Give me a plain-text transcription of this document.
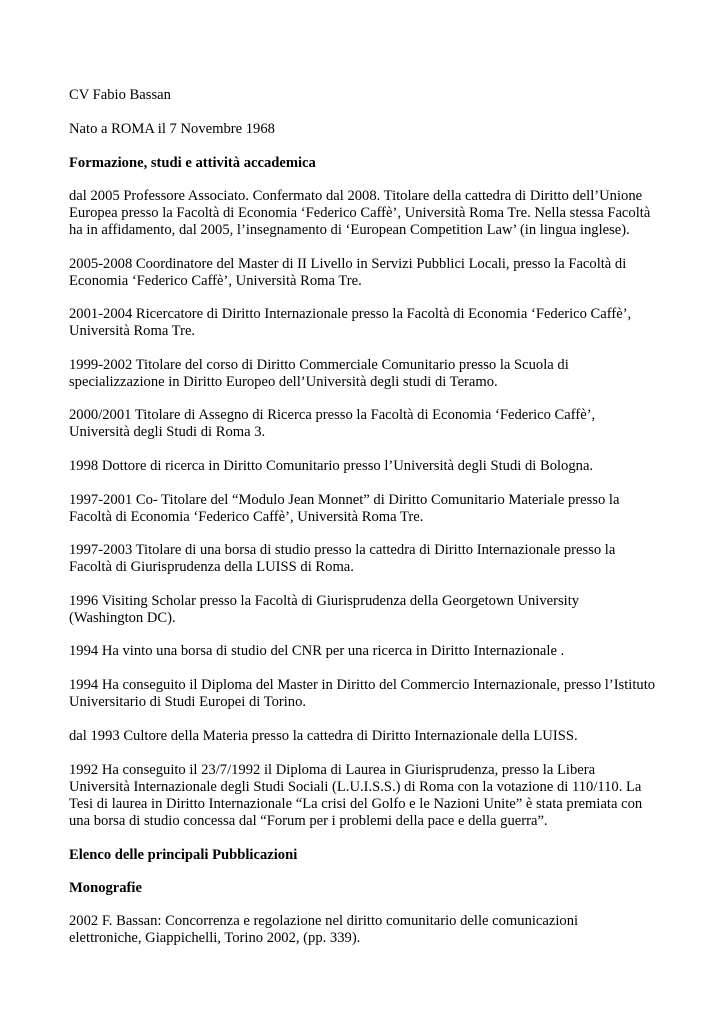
CV Fabio Bassan
Nato a ROMA il 7 Novembre 1968
Formazione, studi e attività accademica
dal 2005 Professore Associato. Confermato dal 2008. Titolare della cattedra di Diritto dell’Unione
Europea presso la Facoltà di Economia ‘Federico Caffè’, Università Roma Tre. Nella stessa Facoltà
ha in affidamento, dal 2005, l’insegnamento di ‘European Competition Law’ (in lingua inglese).
2005-2008 Coordinatore del Master di II Livello in Servizi Pubblici Locali, presso la Facoltà di
Economia ‘Federico Caffè’, Università Roma Tre.
2001-2004 Ricercatore di Diritto Internazionale presso la Facoltà di Economia ‘Federico Caffè’,
Università Roma Tre.
1999-2002 Titolare del corso di Diritto Commerciale Comunitario presso la Scuola di
specializzazione in Diritto Europeo dell’Università degli studi di Teramo.
2000/2001 Titolare di Assegno di Ricerca presso la Facoltà di Economia ‘Federico Caffè’,
Università degli Studi di Roma 3.
1998 Dottore di ricerca in Diritto Comunitario presso l’Università degli Studi di Bologna.
1997-2001 Co- Titolare del “Modulo Jean Monnet” di Diritto Comunitario Materiale presso la
Facoltà di Economia ‘Federico Caffè’, Università Roma Tre.
1997-2003 Titolare di una borsa di studio presso la cattedra di Diritto Internazionale presso la
Facoltà di Giurisprudenza della LUISS di Roma.
1996 Visiting Scholar presso la Facoltà di Giurisprudenza della Georgetown University
(Washington DC).
1994 Ha vinto una borsa di studio del CNR per una ricerca in Diritto Internazionale .
1994 Ha conseguito il Diploma del Master in Diritto del Commercio Internazionale, presso l’Istituto
Universitario di Studi Europei di Torino.
dal 1993 Cultore della Materia presso la cattedra di Diritto Internazionale della LUISS.
1992 Ha conseguito il 23/7/1992 il Diploma di Laurea in Giurisprudenza, presso la Libera
Università Internazionale degli Studi Sociali (L.U.I.S.S.) di Roma con la votazione di 110/110. La
Tesi di laurea in Diritto Internazionale “La crisi del Golfo e le Nazioni Unite” è stata premiata con
una borsa di studio concessa dal “Forum per i problemi della pace e della guerra”.
Elenco delle principali Pubblicazioni
Monografie
2002 F. Bassan: Concorrenza e regolazione nel diritto comunitario delle comunicazioni
elettroniche, Giappichelli, Torino 2002, (pp. 339).
